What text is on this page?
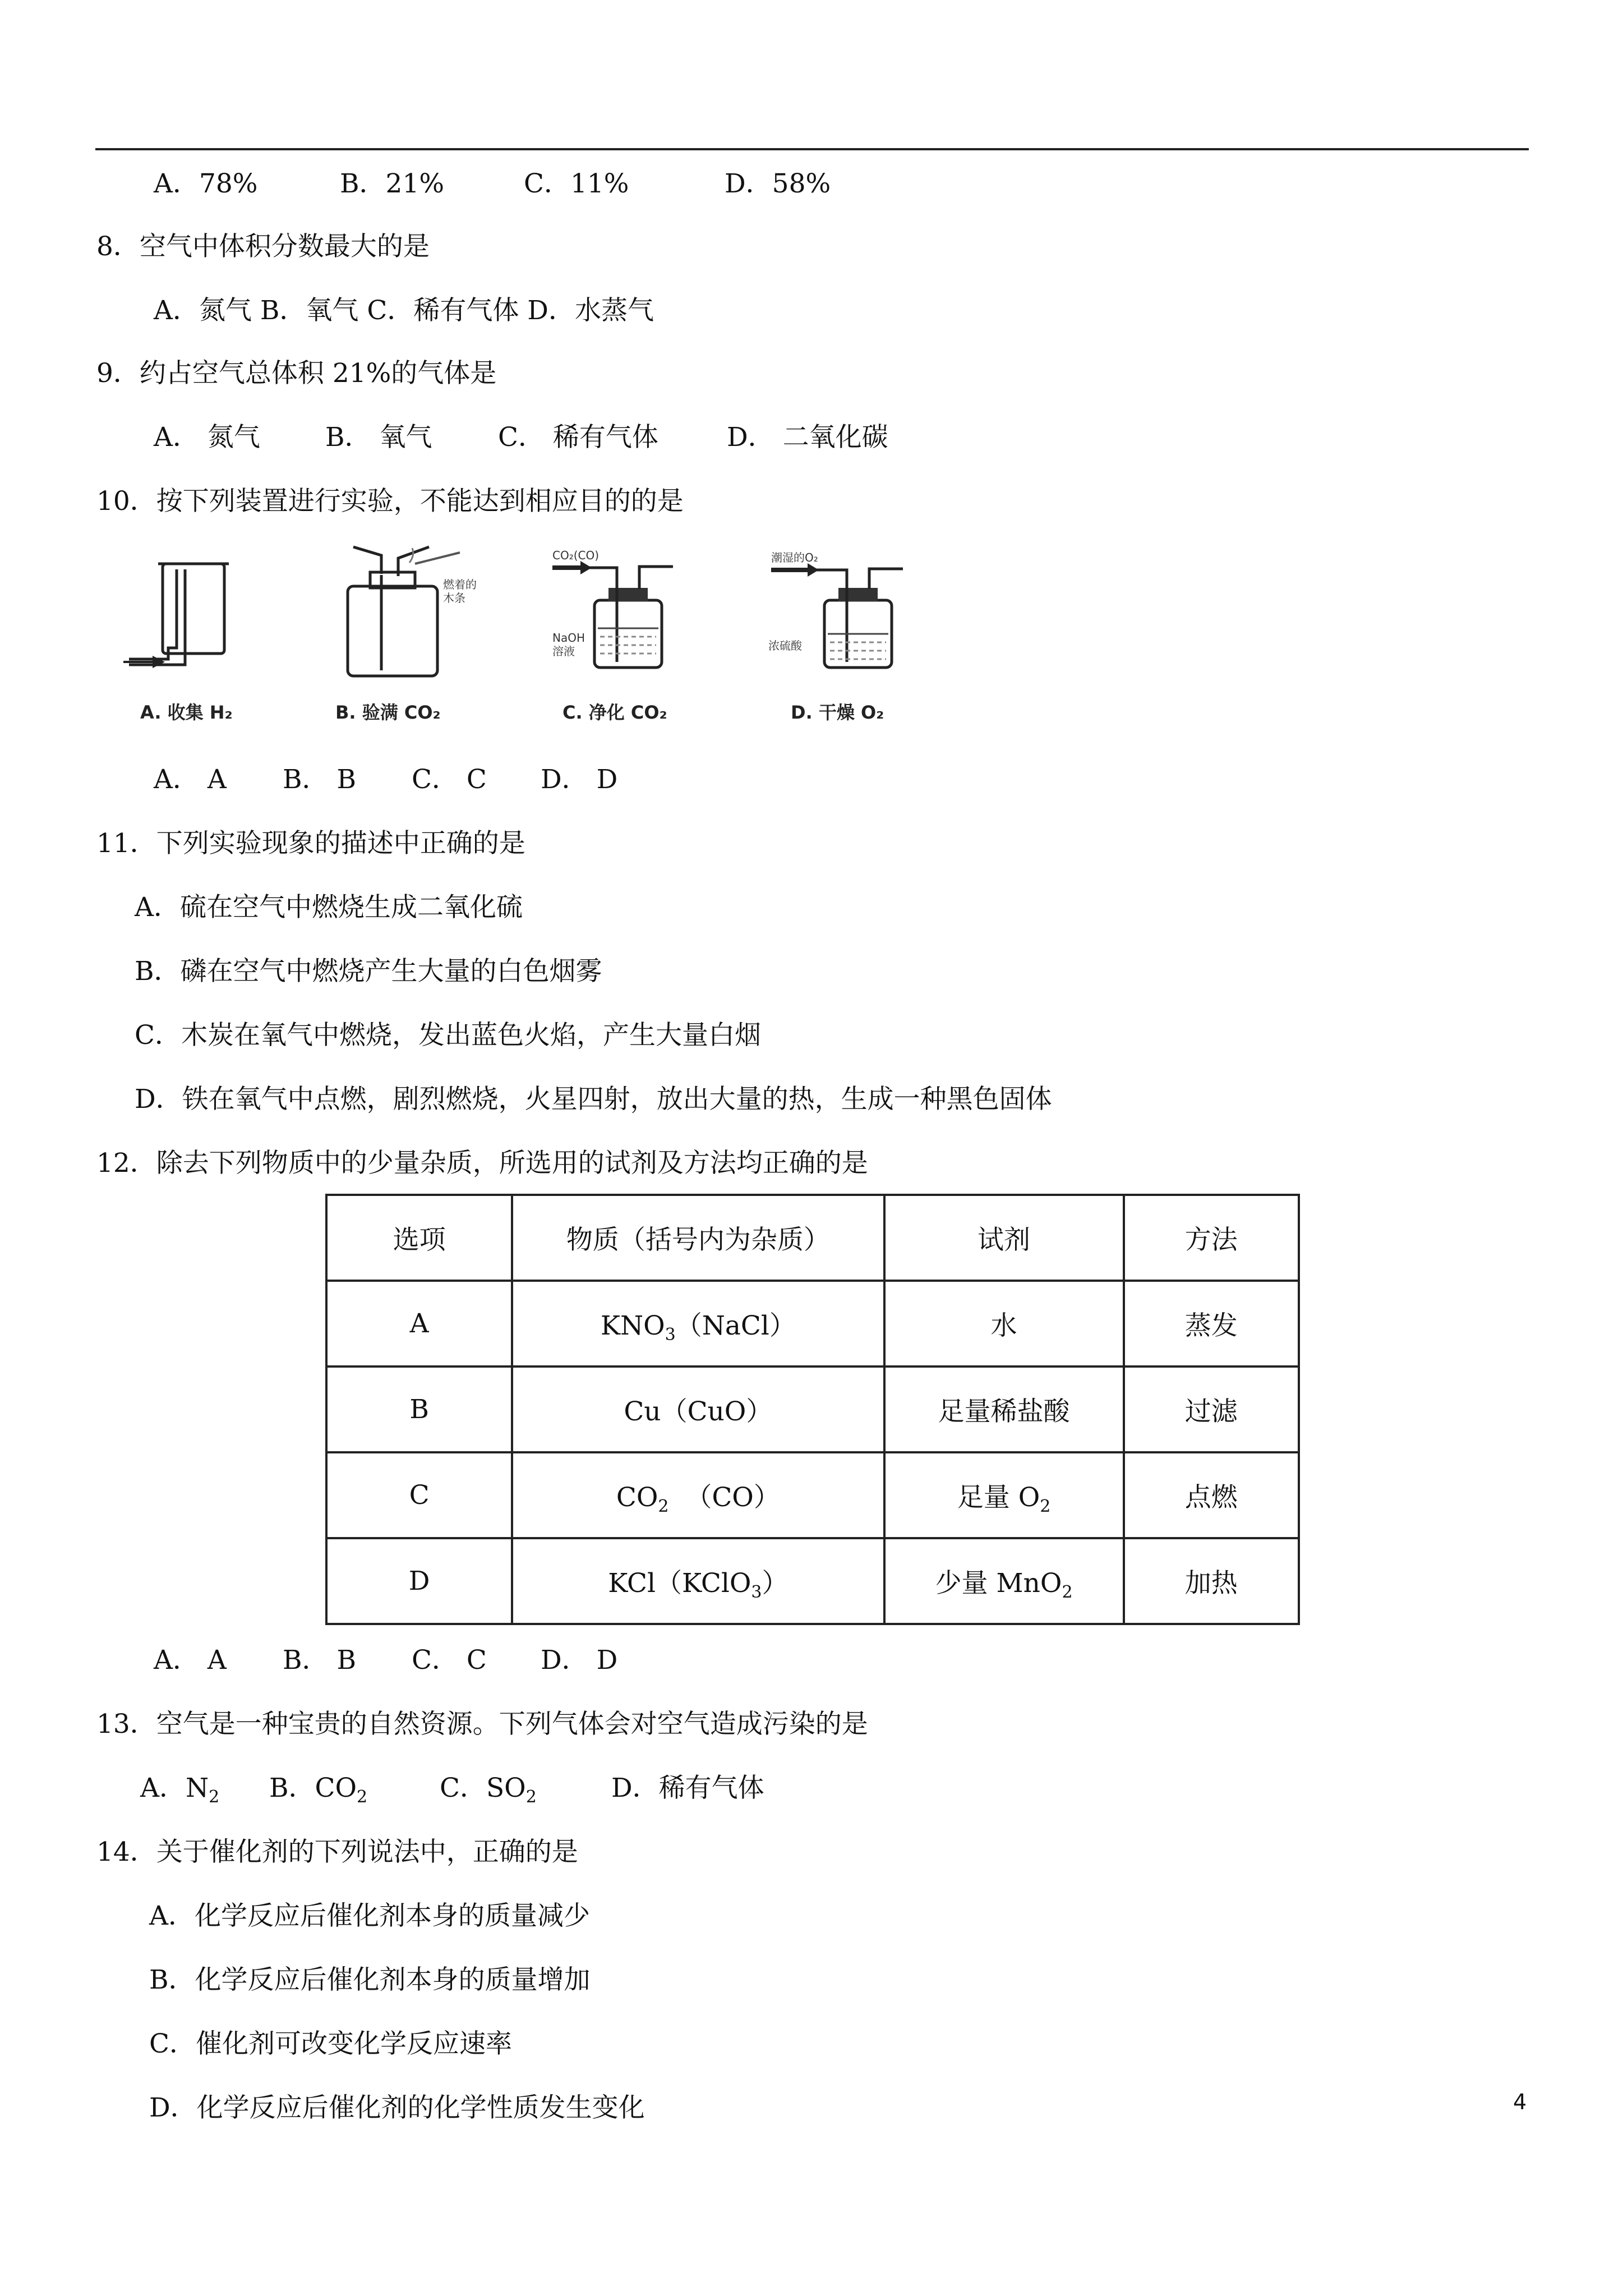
A．78%	B．21%	C．11%	D．58%
8．空气中体积分数最大的是
A．氮气 B．氧气 C．稀有气体 D．水蒸气
9．约占空气总体积 21%的气体是
A． 氮气 B． 氧气	C． 稀有气体	D． 二氧化碳
10．按下列装置进行实验，不能达到相应目的的是
A. 收集 H₂
燃着的木条
B. 验满 CO₂
CO₂(CO)
NaOH溶液
C. 净化 CO₂
潮湿的O₂
浓硫酸
D. 干燥 O₂
A． A B． B C． C D． D
11．下列实验现象的描述中正确的是
A．硫在空气中燃烧生成二氧化硫
B．磷在空气中燃烧产生大量的白色烟雾
C．木炭在氧气中燃烧，发出蓝色火焰，产生大量白烟
D．铁在氧气中点燃，剧烈燃烧，火星四射，放出大量的热，生成一种黑色固体
12．除去下列物质中的少量杂质，所选用的试剂及方法均正确的是
选项	物质（括号内为杂质）	试剂	方法
A	$KNO_3(NaCl)$	水	蒸发
B	Cu（CuO）	足量稀盐酸	过滤
C	$CO_2$  （CO）	足量 $O_2$	点燃
D	KCl（KClO$_3$）	少量 MnO$_2$	加热
A． A B． B C． C D． D
13．空气是一种宝贵的自然资源。下列气体会对空气造成污染的是
A．$N_2$ B．$CO_2$	C．$SO_2$	D．稀有气体
14．关于催化剂的下列说法中，正确的是
A．化学反应后催化剂本身的质量减少
B．化学反应后催化剂本身的质量增加
C．催化剂可改变化学反应速率
D．化学反应后催化剂的化学性质发生变化	4
